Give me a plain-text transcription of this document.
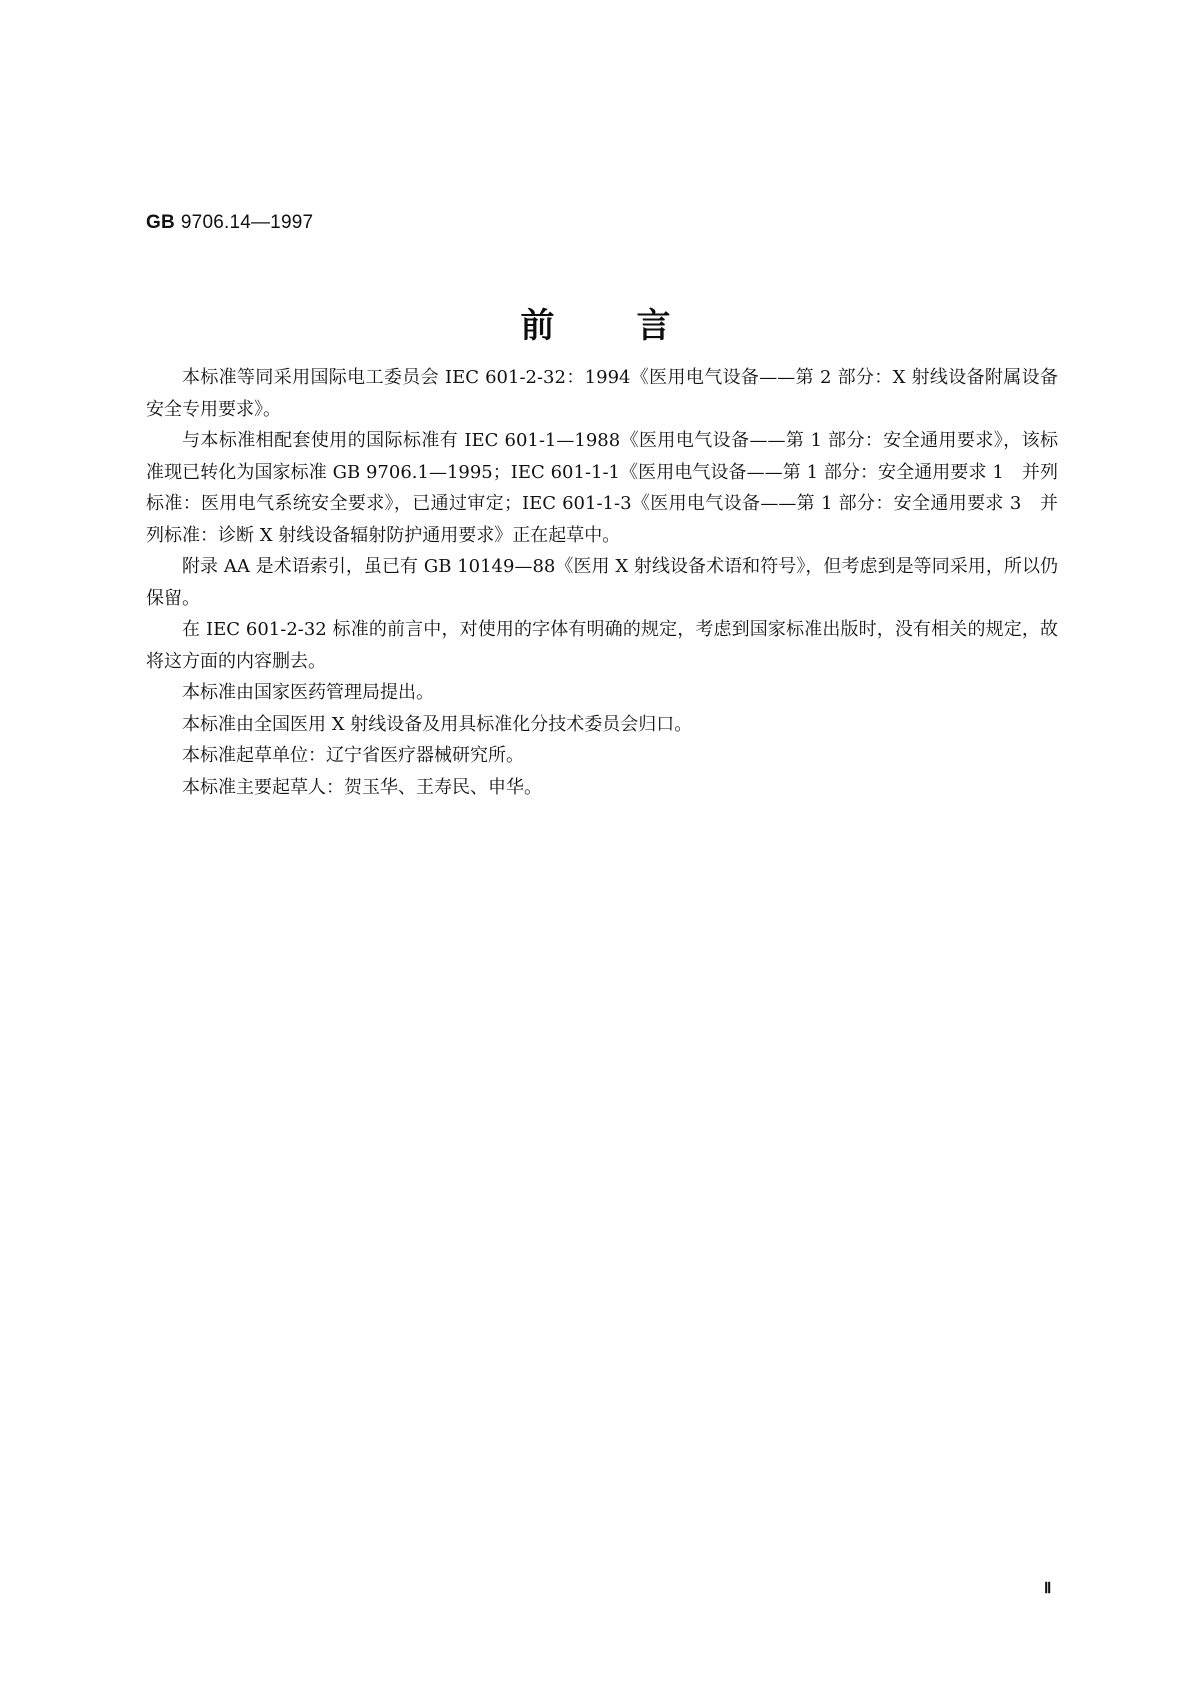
GB 9706.14—1997
前言

本标准等同采用国际电工委员会 IEC 601-2-32：1994《医用电气设备——第 2 部分：X 射线设备附属设备安全专用要求》。

与本标准相配套使用的国际标准有 IEC 601-1—1988《医用电气设备——第 1 部分：安全通用要求》，该标准现已转化为国家标准 GB 9706.1—1995；IEC 601-1-1《医用电气设备——第 1 部分：安全通用要求 1　并列标准：医用电气系统安全要求》，已通过审定；IEC 601-1-3《医用电气设备——第 1 部分：安全通用要求 3　并列标准：诊断 X 射线设备辐射防护通用要求》正在起草中。

附录 AA 是术语索引，虽已有 GB 10149—88《医用 X 射线设备术语和符号》，但考虑到是等同采用，所以仍保留。

在 IEC 601-2-32 标准的前言中，对使用的字体有明确的规定，考虑到国家标准出版时，没有相关的规定，故将这方面的内容删去。

本标准由国家医药管理局提出。

本标准由全国医用 X 射线设备及用具标准化分技术委员会归口。

本标准起草单位：辽宁省医疗器械研究所。

本标准主要起草人：贺玉华、王寿民、申华。

Ⅱ
